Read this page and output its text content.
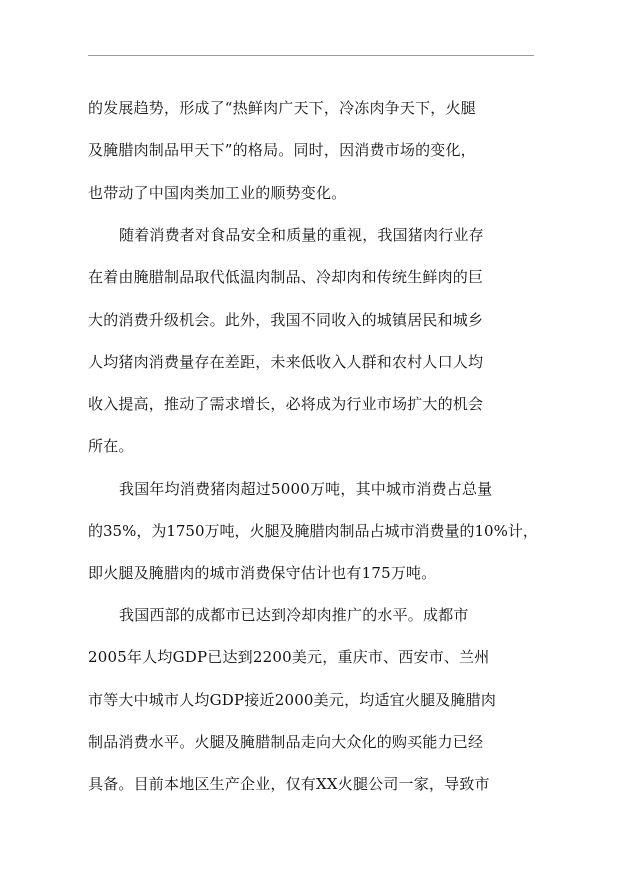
的发展趋势，形成了“热鲜肉广天下，冷冻肉争天下，火腿
及腌腊肉制品甲天下”的格局。同时，因消费市场的变化，
也带动了中国肉类加工业的顺势变化。
随着消费者对食品安全和质量的重视，我国猪肉行业存
在着由腌腊制品取代低温肉制品、冷却肉和传统生鲜肉的巨
大的消费升级机会。此外，我国不同收入的城镇居民和城乡
人均猪肉消费量存在差距，未来低收入人群和农村人口人均
收入提高，推动了需求增长，必将成为行业市场扩大的机会
所在。
我国年均消费猪肉超过5000万吨，其中城市消费占总量
的35%，为1750万吨，火腿及腌腊肉制品占城市消费量的10%计，
即火腿及腌腊肉的城市消费保守估计也有175万吨。
我国西部的成都市已达到冷却肉推广的水平。成都市
2005年人均GDP已达到2200美元，重庆市、西安市、兰州
市等大中城市人均GDP接近2000美元，均适宜火腿及腌腊肉
制品消费水平。火腿及腌腊制品走向大众化的购买能力已经
具备。目前本地区生产企业，仅有XX火腿公司一家，导致市
